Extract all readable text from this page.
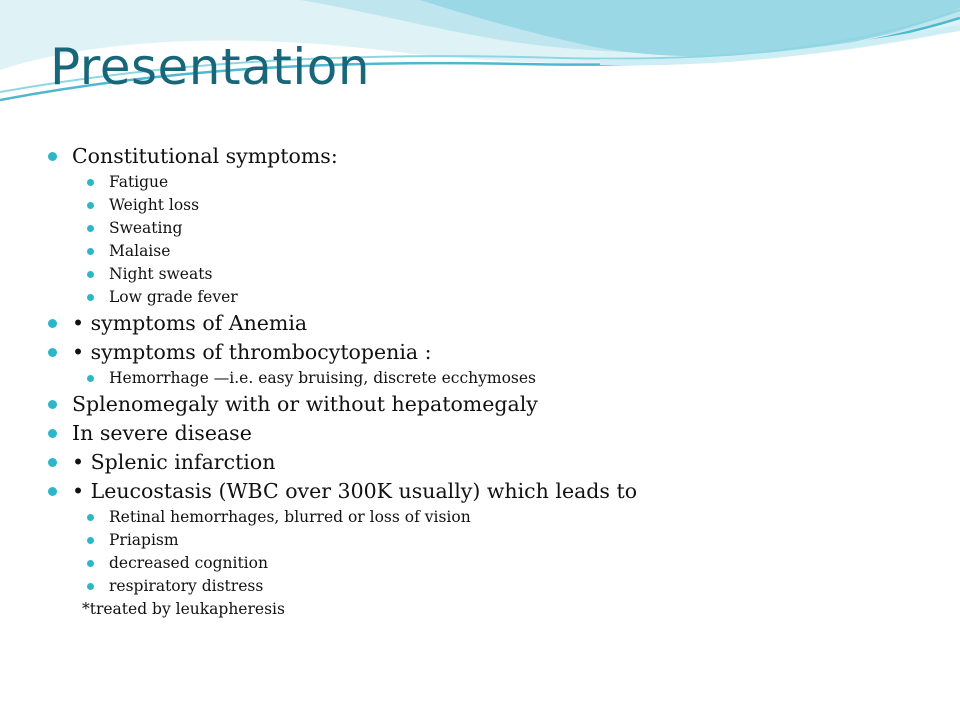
Presentation
Constitutional symptoms:
Fatigue
Weight loss
Sweating
Malaise
Night sweats
Low grade fever
• symptoms of Anemia
• symptoms of thrombocytopenia :
Hemorrhage —i.e. easy bruising, discrete ecchymoses
Splenomegaly with or without hepatomegaly
In severe disease
• Splenic infarction
• Leucostasis (WBC over 300K usually) which leads to
Retinal hemorrhages, blurred or loss of vision
Priapism
decreased cognition
respiratory distress
*treated by leukapheresis
